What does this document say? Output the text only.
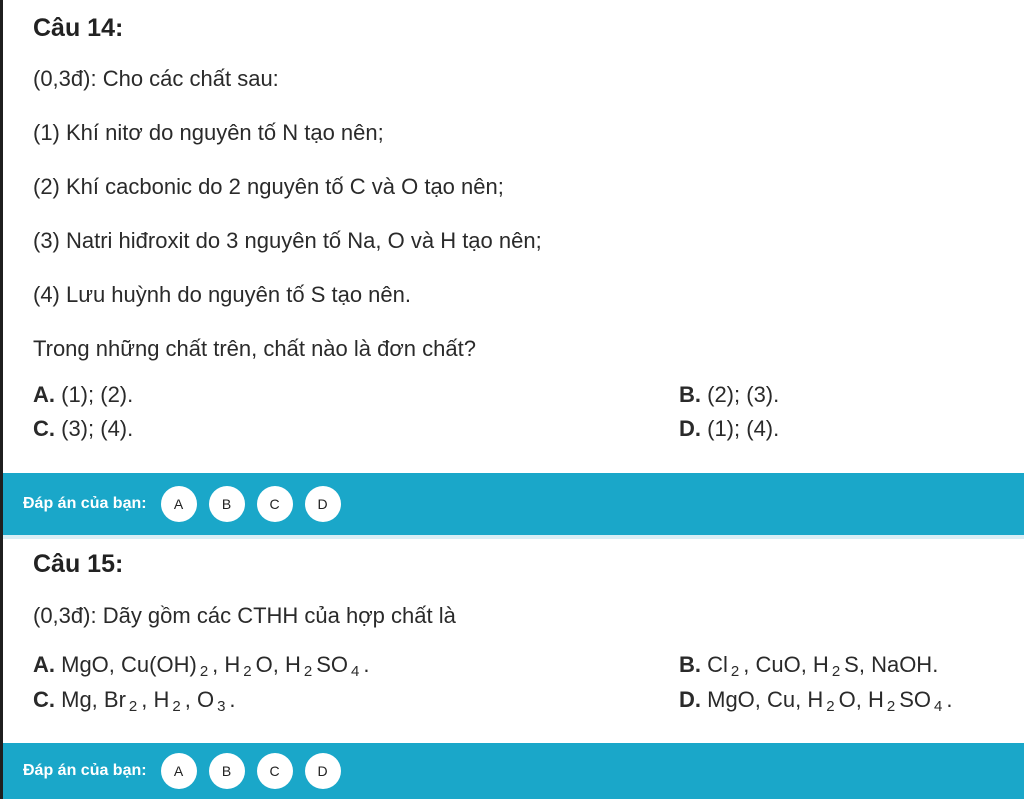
Câu 14:
(0,3đ): Cho các chất sau:
(1) Khí nitơ do nguyên tố N tạo nên;
(2) Khí cacbonic do 2 nguyên tố C và O tạo nên;
(3) Natri hiđroxit do 3 nguyên tố Na, O và H tạo nên;
(4) Lưu huỳnh do nguyên tố S tạo nên.
Trong những chất trên, chất nào là đơn chất?
A. (1); (2).	B. (2); (3).
C. (3); (4).	D. (1); (4).
Đáp án của bạn:	A	B	C	D
Câu 15:
(0,3đ): Dãy gồm các CTHH của hợp chất là
A. MgO, Cu(OH) $_2$ , H $_2$ O, H $_2$ SO $_4$ .	B. Cl $_2$ , CuO, H $_2$ S, NaOH.
C. Mg, Br $_2$ , H $_2$ , O $_3$ .	D. MgO, Cu, H $_2$ O, H $_2$ SO $_4$ .
Đáp án của bạn:	A	B	C	D
